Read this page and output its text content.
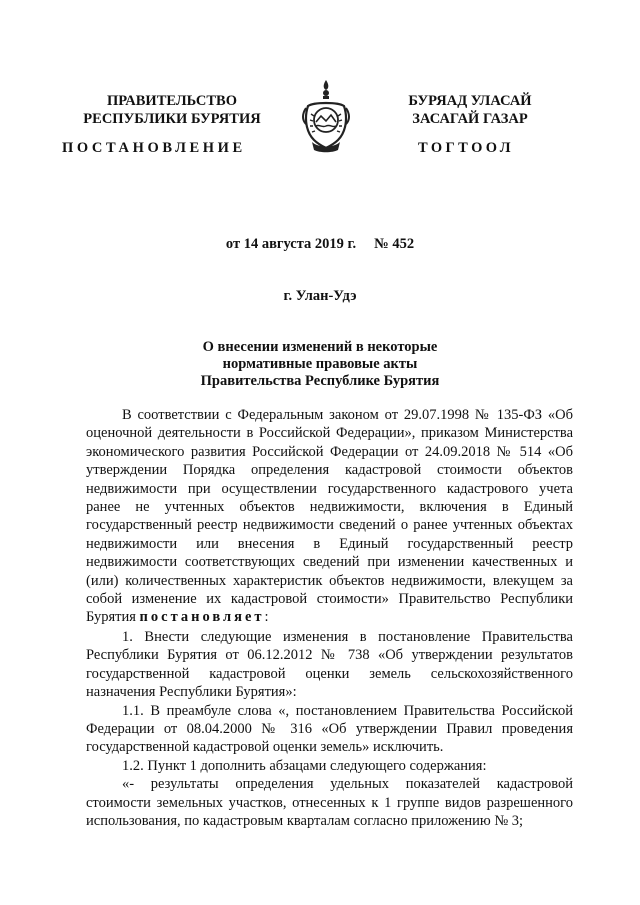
ПРАВИТЕЛЬСТВО
РЕСПУБЛИКИ БУРЯТИЯ
БУРЯАД УЛАСАЙ
ЗАСАГАЙ ГАЗАР
ПОСТАНОВЛЕНИЕ	ТОГТООЛ
от 14 августа 2019 г. № 452
г. Улан-Удэ
О внесении изменений в некоторые
нормативные правовые акты
Правительства Республике Бурятия

В соответствии с Федеральным законом от 29.07.1998 № 135-ФЗ «Об оценочной деятельности в Российской Федерации», приказом Министерства экономического развития Российской Федерации от 24.09.2018 № 514 «Об утверждении Порядка определения кадастровой стоимости объектов недвижимости при осуществлении государственного кадастрового учета ранее не учтенных объектов недвижимости, включения в Единый государственный реестр недвижимости сведений о ранее учтенных объектах недвижимости или внесения в Единый государственный реестр недвижимости соответствующих сведений при изменении качественных и (или) количественных характеристик объектов недвижимости, влекущем за собой изменение их кадастровой стоимости» Правительство Республики Бурятия постановляет:

1. Внести следующие изменения в постановление Правительства Республики Бурятия от 06.12.2012 № 738 «Об утверждении результатов государственной кадастровой оценки земель сельскохозяйственного назначения Республики Бурятия»:

1.1. В преамбуле слова «, постановлением Правительства Российской Федерации от 08.04.2000 № 316 «Об утверждении Правил проведения государственной кадастровой оценки земель» исключить.

1.2. Пункт 1 дополнить абзацами следующего содержания:

«- результаты определения удельных показателей кадастровой стоимости земельных участков, отнесенных к 1 группе видов разрешенного использования, по кадастровым кварталам согласно приложению № 3;
